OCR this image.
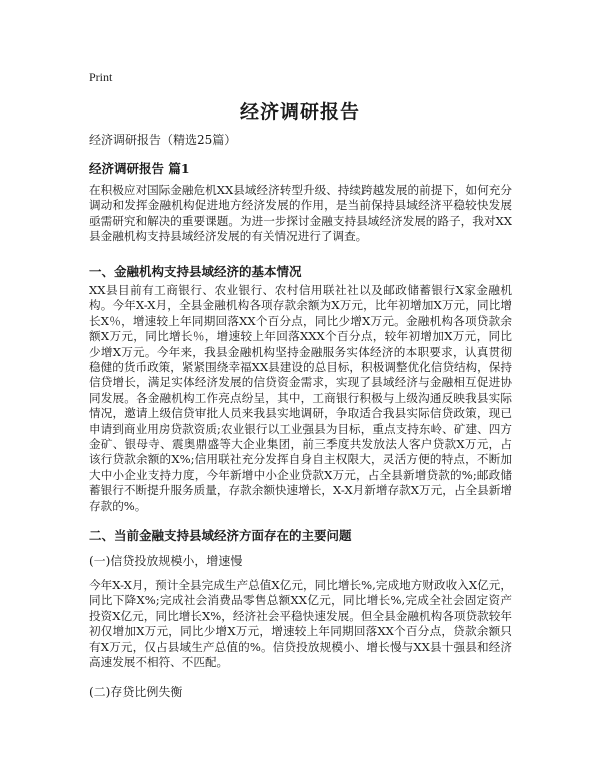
Print
经济调研报告
经济调研报告（精选25篇）
经济调研报告 篇1

在积极应对国际金融危机XX县域经济转型升级、持续跨越发展的前提下，如何充分调动和发挥金融机构促进地方经济发展的作用，是当前保持县域经济平稳较快发展亟需研究和解决的重要课题。为进一步探讨金融支持县域经济发展的路子，我对XX县金融机构支持县域经济发展的有关情况进行了调查。

一、金融机构支持县域经济的基本情况

XX县目前有工商银行、农业银行、农村信用联社社以及邮政储蓄银行X家金融机构。今年X-X月，全县金融机构各项存款余额为X万元，比年初增加X万元，同比增长X％，增速较上年同期回落XX个百分点，同比少增X万元。金融机构各项贷款余额X万元，同比增长％，增速较上年回落XXX个百分点，较年初增加X万元，同比少增X万元。今年来，我县金融机构坚持金融服务实体经济的本职要求，认真贯彻稳健的货币政策，紧紧围绕幸福XX县建设的总目标，积极调整优化信贷结构，保持信贷增长，满足实体经济发展的信贷资金需求，实现了县域经济与金融相互促进协同发展。各金融机构工作亮点纷呈，其中，工商银行积极与上级沟通反映我县实际情况，邀请上级信贷审批人员来我县实地调研，争取适合我县实际信贷政策，现已申请到商业用房贷款资质;农业银行以工业强县为目标，重点支持东岭、矿建、四方金矿、银母寺、震奥鼎盛等大企业集团，前三季度共发放法人客户贷款X万元，占该行贷款余额的X%;信用联社充分发挥自身自主权限大，灵活方便的特点，不断加大中小企业支持力度，今年新增中小企业贷款X万元，占全县新增贷款的%;邮政储蓄银行不断提升服务质量，存款余额快速增长，X-X月新增存款X万元，占全县新增存款的%。

二、当前金融支持县域经济方面存在的主要问题
(一)信贷投放规模小，增速慢

今年X-X月，预计全县完成生产总值X亿元，同比增长%,完成地方财政收入X亿元，同比下降X%;完成社会消费品零售总额XX亿元，同比增长%,完成全社会固定资产投资X亿元，同比增长X%，经济社会平稳快速发展。但全县金融机构各项贷款较年初仅增加X万元，同比少增X万元，增速较上年同期回落XX个百分点，贷款余额只有X万元，仅占县域生产总值的%。信贷投放规模小、增长慢与XX县十强县和经济高速发展不相符、不匹配。

(二)存贷比例失衡
